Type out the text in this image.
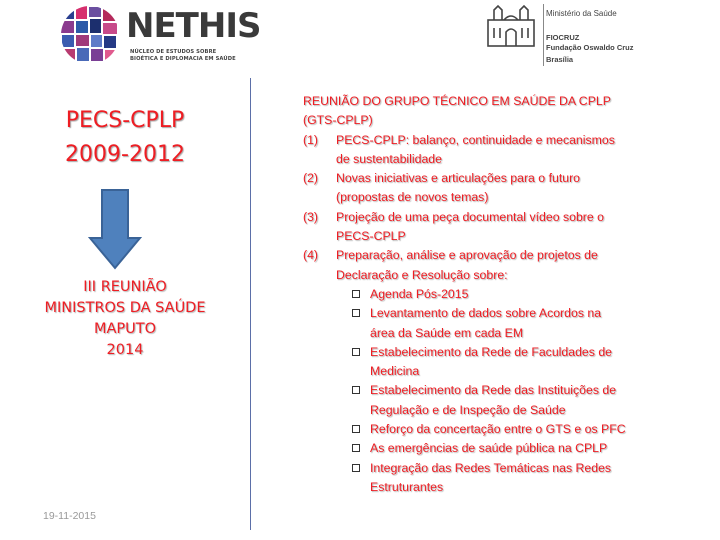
NETHIS
NÚCLEO DE ESTUDOS SOBRE
BIOÉTICA E DIPLOMACIA EM SAÚDE
Ministério da Saúde
FIOCRUZ
Fundação Oswaldo Cruz
Brasília
PECS-CPLP
2009-2012
III REUNIÃO
MINISTROS DA SAÚDE
MAPUTO
2014
19-11-2015
REUNIÃO DO GRUPO TÉCNICO EM SAÚDE DA CPLP
(GTS-CPLP)
(1) PECS-CPLP: balanço, continuidade e mecanismos
de sustentabilidade
(2) Novas iniciativas e articulações para o futuro
(propostas de novos temas)
(3) Projeção de uma peça documental vídeo sobre o
PECS-CPLP
(4) Preparação, análise e aprovação de projetos de
Declaração e Resolução sobre:
Agenda Pós-2015
Levantamento de dados sobre Acordos na
área da Saúde em cada EM
Estabelecimento da Rede de Faculdades de
Medicina
Estabelecimento da Rede das Instituições de
Regulação e de Inspeção de Saúde
Reforço da concertação entre o GTS e os PFC
As emergências de saúde pública na CPLP
Integração das Redes Temáticas nas Redes
Estruturantes
